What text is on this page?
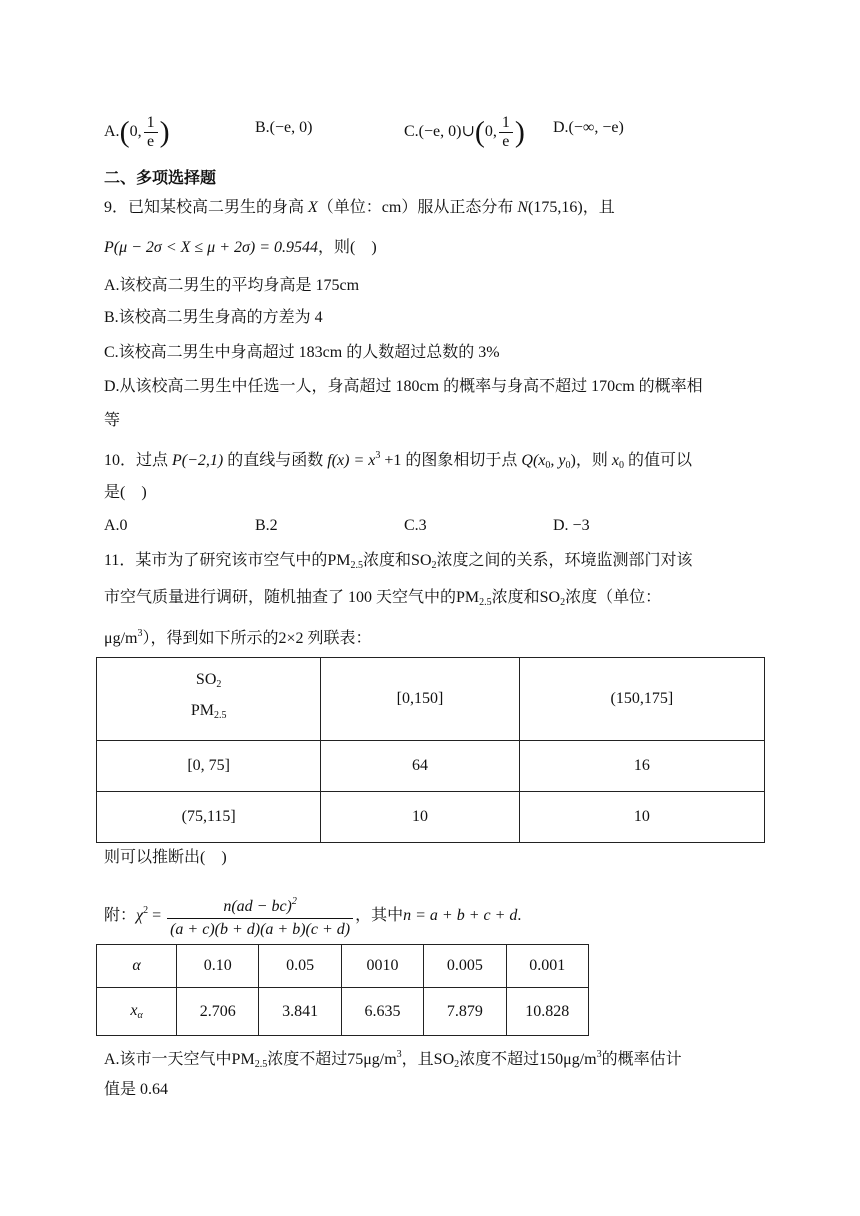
A.(0, $\frac{1}{e}$ )	B.(−e, 0)	C.(−e, 0)∪(0, $\frac{1}{e}$ ) D.(−∞, −e)
二、多项选择题
9．已知某校高二男生的身高 X（单位：cm）服从正态分布 N(175,16)，且
P(μ − 2σ < X ≤ μ + 2σ) = 0.9544，则(　)
A.该校高二男生的平均身高是 175cm
B.该校高二男生身高的方差为 4
C.该校高二男生中身高超过 183cm 的人数超过总数的 3%
D.从该校高二男生中任选一人，身高超过 180cm 的概率与身高不超过 170cm 的概率相
等
10．过点 P(−2,1) 的直线与函数 $f(x) = x^3 +1$ 的图象相切于点 $Q(x_0$, $y_0$)，则 $x_0$ 的值可以
是(　)
A.0	B.2	C.3	D. −3
11．某市为了研究该市空气中的$PM_{2.5}$浓度和$SO_2$浓度之间的关系，环境监测部门对该
市空气质量进行调研，随机抽查了 100 天空气中的$PM_{2.5}$浓度和$SO_2$浓度（单位：
$\mu g/m^3$），得到如下所示的2×2 列联表：
$SO_2$
$PM_{2.5}$	[0,150]	(150,175]
[0, 75]	64	16
(75,115]	10	10
则可以推断出(　)
附：$\chi^2 = \frac{n(ad - bc)^2}{(a + c)(b + d)(a + b)(c + d)}$ ，其中n = a + b + c + d.
α	0.10	0.05	0010	0.005	0.001
$x_\alpha$	2.706	3.841	6.635	7.879	10.828
A.该市一天空气中$PM_{2.5}$浓度不超过$75\mu g/m^3$，且$SO_2$浓度不超过$150\mu g/m^3$的概率估计
值是 0.64
